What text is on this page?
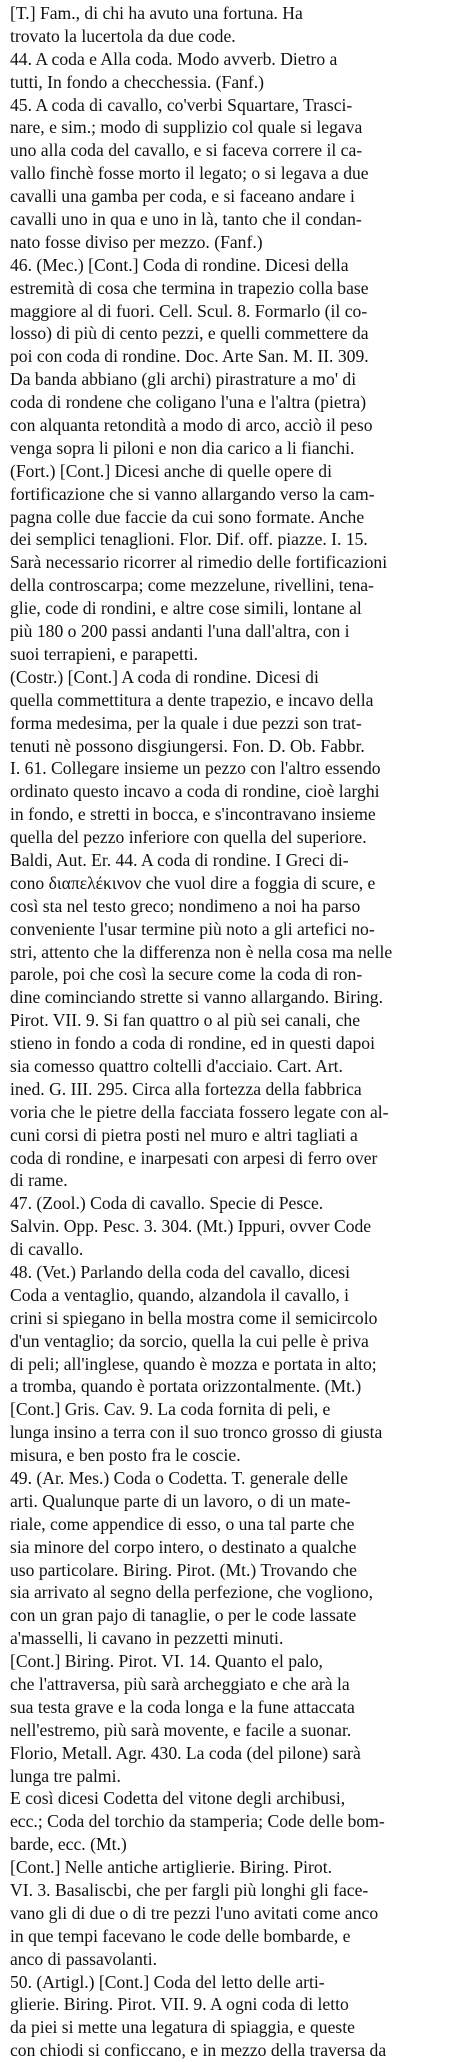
[T.] Fam., di chi ha avuto una fortuna. Ha
trovato la lucertola da due code.
44. A coda e Alla coda. Modo avverb. Dietro a
tutti, In fondo a checchessia. (Fanf.)
45. A coda di cavallo, co'verbi Squartare, Trasci-
nare, e sim.; modo di supplizio col quale si legava
uno alla coda del cavallo, e si faceva correre il ca-
vallo finchè fosse morto il legato; o si legava a due
cavalli una gamba per coda, e si faceano andare i
cavalli uno in qua e uno in là, tanto che il condan-
nato fosse diviso per mezzo. (Fanf.)
46. (Mec.) [Cont.] Coda di rondine. Dicesi della
estremità di cosa che termina in trapezio colla base
maggiore al di fuori. Cell. Scul. 8. Formarlo (il co-
losso) di più di cento pezzi, e quelli commettere da
poi con coda di rondine. Doc. Arte San. M. II. 309.
Da banda abbiano (gli archi) pirastrature a mo' di
coda di rondene che coligano l'una e l'altra (pietra)
con alquanta retondità a modo di arco, acciò il peso
venga sopra li piloni e non dia carico a li fianchi.
(Fort.) [Cont.] Dicesi anche di quelle opere di
fortificazione che si vanno allargando verso la cam-
pagna colle due faccie da cui sono formate. Anche
dei semplici tenaglioni. Flor. Dif. off. piazze. I. 15.
Sarà necessario ricorrer al rimedio delle fortificazioni
della controscarpa; come mezzelune, rivellini, tena-
glie, code di rondini, e altre cose simili, lontane al
più 180 o 200 passi andanti l'una dall'altra, con i
suoi terrapieni, e parapetti.
(Costr.) [Cont.] A coda di rondine. Dicesi di
quella commettitura a dente trapezio, e incavo della
forma medesima, per la quale i due pezzi son trat-
tenuti nè possono disgiungersi. Fon. D. Ob. Fabbr.
I. 61. Collegare insieme un pezzo con l'altro essendo
ordinato questo incavo a coda di rondine, cioè larghi
in fondo, e stretti in bocca, e s'incontravano insieme
quella del pezzo inferiore con quella del superiore.
Baldi, Aut. Er. 44. A coda di rondine. I Greci di-
cono διαπελέκινον che vuol dire a foggia di scure, e
così sta nel testo greco; nondimeno a noi ha parso
conveniente l'usar termine più noto a gli artefici no-
stri, attento che la differenza non è nella cosa ma nelle
parole, poi che così la secure come la coda di ron-
dine cominciando strette si vanno allargando. Biring.
Pirot. VII. 9. Si fan quattro o al più sei canali, che
stieno in fondo a coda di rondine, ed in questi dapoi
sia comesso quattro coltelli d'acciaio. Cart. Art.
ined. G. III. 295. Circa alla fortezza della fabbrica
voria che le pietre della facciata fossero legate con al-
cuni corsi di pietra posti nel muro e altri tagliati a
coda di rondine, e inarpesati con arpesi di ferro over
di rame.
47. (Zool.) Coda di cavallo. Specie di Pesce.
Salvin. Opp. Pesc. 3. 304. (Mt.) Ippuri, ovver Code
di cavallo.
48. (Vet.) Parlando della coda del cavallo, dicesi
Coda a ventaglio, quando, alzandola il cavallo, i
crini si spiegano in bella mostra come il semicircolo
d'un ventaglio; da sorcio, quella la cui pelle è priva
di peli; all'inglese, quando è mozza e portata in alto;
a tromba, quando è portata orizzontalmente. (Mt.)
[Cont.] Gris. Cav. 9. La coda fornita di peli, e
lunga insino a terra con il suo tronco grosso di giusta
misura, e ben posto fra le coscie.
49. (Ar. Mes.) Coda o Codetta. T. generale delle
arti. Qualunque parte di un lavoro, o di un mate-
riale, come appendice di esso, o una tal parte che
sia minore del corpo intero, o destinato a qualche
uso particolare. Biring. Pirot. (Mt.) Trovando che
sia arrivato al segno della perfezione, che vogliono,
con un gran pajo di tanaglie, o per le code lassate
a'masselli, li cavano in pezzetti minuti.
[Cont.] Biring. Pirot. VI. 14. Quanto el palo,
che l'attraversa, più sarà archeggiato e che arà la
sua testa grave e la coda longa e la fune attaccata
nell'estremo, più sarà movente, e facile a suonar.
Florio, Metall. Agr. 430. La coda (del pilone) sarà
lunga tre palmi.
E così dicesi Codetta del vitone degli archibusi,
ecc.; Coda del torchio da stamperia; Code delle bom-
barde, ecc. (Mt.)
[Cont.] Nelle antiche artiglierie. Biring. Pirot.
VI. 3. Basaliscbi, che per fargli più longhi gli face-
vano gli di due o di tre pezzi l'uno avitati come anco
in que tempi facevano le code delle bombarde, e
anco di passavolanti.
50. (Artigl.) [Cont.] Coda del letto delle arti-
glierie. Biring. Pirot. VII. 9. A ogni coda di letto
da piei si mette una legatura di spiaggia, e queste
con chiodi si conficcano, e in mezzo della traversa da
